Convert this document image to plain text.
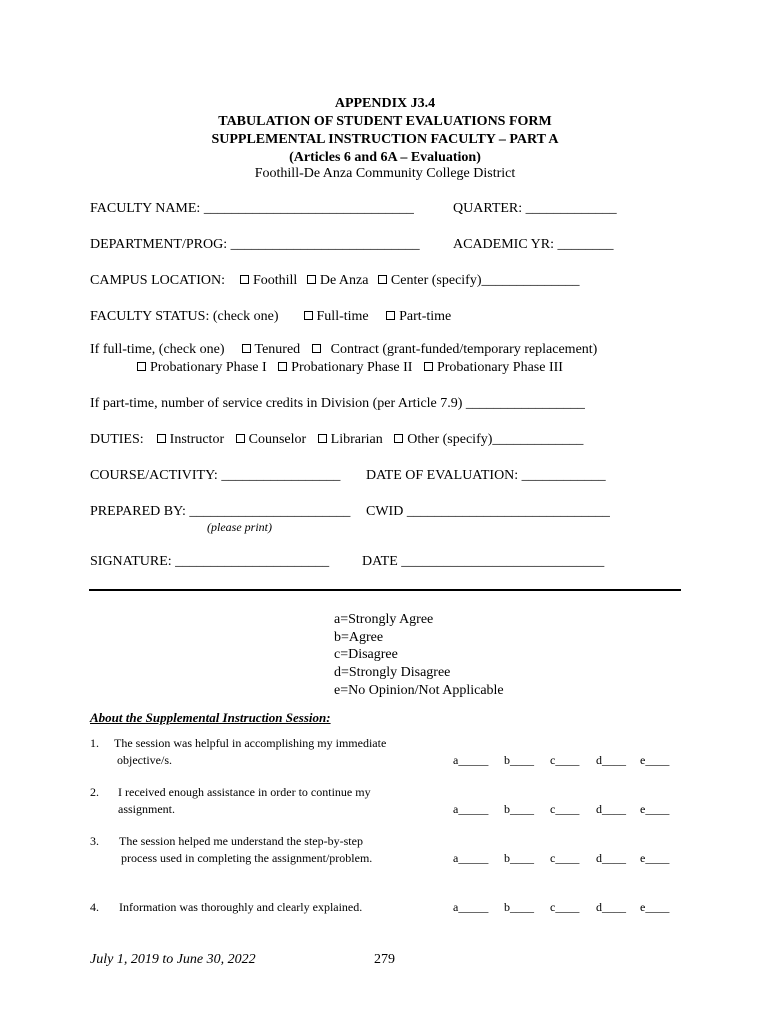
APPENDIX J3.4
TABULATION OF STUDENT EVALUATIONS FORM
SUPPLEMENTAL INSTRUCTION FACULTY – PART A
(Articles 6 and 6A – Evaluation)
Foothill-De Anza Community College District
FACULTY NAME: ______________________________	QUARTER: _____________
DEPARTMENT/PROG: ___________________________ ACADEMIC YR: ________
CAMPUS LOCATION: Foothill De Anza Center (specify)______________
FACULTY STATUS: (check one)	Full-time Part-time
If full-time, (check one) Tenured Contract (grant-funded/temporary replacement)
Probationary Phase I Probationary Phase II Probationary Phase III
If part-time, number of service credits in Division (per Article 7.9) _________________
DUTIES: Instructor Counselor Librarian Other (specify)_____________
COURSE/ACTIVITY: _________________ DATE OF EVALUATION: ____________
PREPARED BY: _______________________ CWID _____________________________
(please print)
SIGNATURE: ______________________ DATE _____________________________
a=Strongly Agree
b=Agree
c=Disagree
d=Strongly Disagree
e=No Opinion/Not Applicable
About the Supplemental Instruction Session:
1. The session was helpful in accomplishing my immediate
objective/s.	a_____ b____ c____ d____ e____
2. I received enough assistance in order to continue my
assignment.	a_____ b____ c____ d____ e____
3. The session helped me understand the step-by-step
process used in completing the assignment/problem.	a_____ b____ c____ d____ e____
4. Information was thoroughly and clearly explained.	a_____ b____ c____ d____ e____
July 1, 2019 to June 30, 2022	279
